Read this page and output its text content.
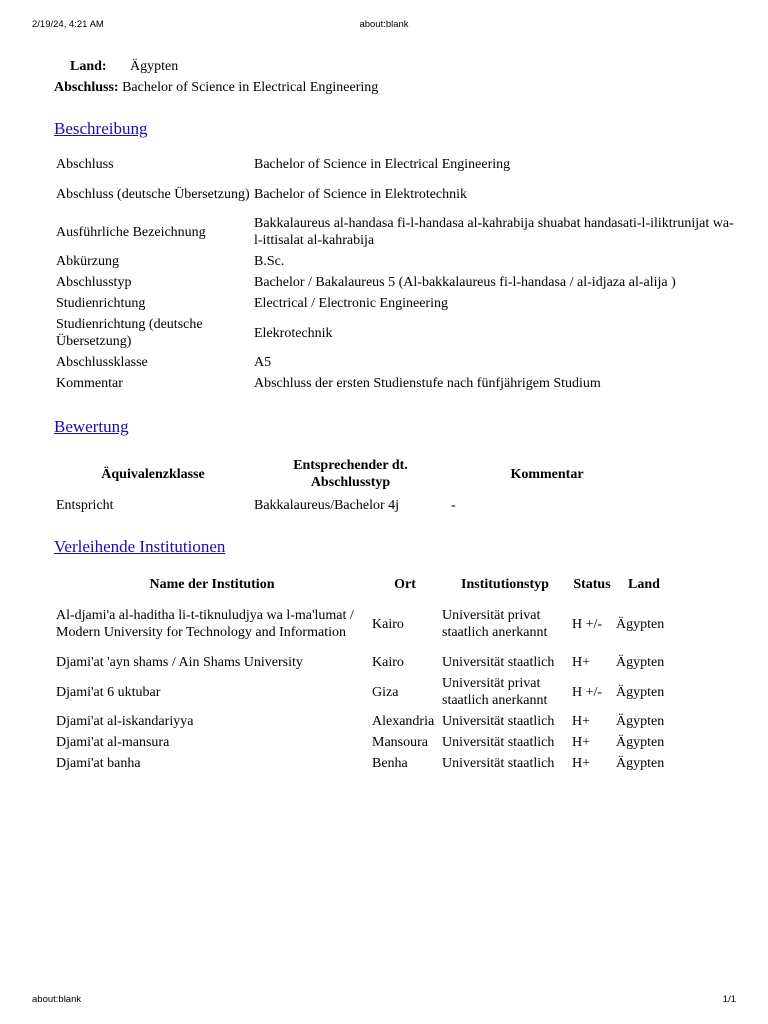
2/19/24, 4:21 AM	about:blank
Land: Ägypten
Abschluss: Bachelor of Science in Electrical Engineering
Beschreibung
Abschluss	Bachelor of Science in Electrical Engineering
Abschluss (deutsche Übersetzung)	Bachelor of Science in Elektrotechnik
Ausführliche Bezeichnung	Bakkalaureus al-handasa fi-l-handasa al-kahrabija shuabat handasati-l-iliktrunijat wa-l-ittisalat al-kahrabija
Abkürzung	B.Sc.
Abschlusstyp	Bachelor / Bakalaureus 5 (Al-bakkalaureus fi-l-handasa / al-idjaza al-alija )
Studienrichtung	Electrical / Electronic Engineering
Studienrichtung (deutsche Übersetzung)	Elekrotechnik
Abschlussklasse	A5
Kommentar	Abschluss der ersten Studienstufe nach fünfjährigem Studium
Bewertung
Äquivalenzklasse	Entsprechender dt. Abschlusstyp	Kommentar
Entspricht	Bakkalaureus/Bachelor 4j	-
Verleihende Institutionen
Name der Institution	Ort	Institutionstyp	Status	Land
Al-djami'a al-haditha li-t-tiknuludjya wa l-ma'lumat / Modern University for Technology and Information	Kairo	Universität privat staatlich anerkannt	H +/-	Ägypten
Djami'at 'ayn shams / Ain Shams University	Kairo	Universität staatlich	H+	Ägypten
Djami'at 6 uktubar	Giza	Universität privat staatlich anerkannt	H +/-	Ägypten
Djami'at al-iskandariyya	Alexandria	Universität staatlich	H+	Ägypten
Djami'at al-mansura	Mansoura	Universität staatlich	H+	Ägypten
Djami'at banha	Benha	Universität staatlich	H+	Ägypten
about:blank	1/1
